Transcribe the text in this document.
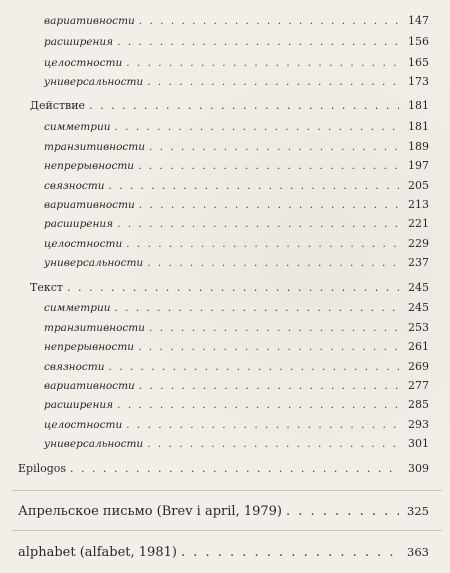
вариативности . . .	147
расширения . . .	156
целостности . . .	165
универсальности . . .	173
Действие . . .	181
симметрии . . .	181
транзитивности . . .	189
непрерывности . . .	197
связности . . .	205
вариативности . . .	213
расширения . . .	221
целостности . . .	229
универсальности . . .	237
Текст . . .	245
симметрии . . .	245
транзитивности . . .	253
непрерывности . . .	261
связности . . .	269
вариативности . . .	277
расширения . . .	285
целостности . . .	293
универсальности . . .	301
Epilogos . . .	309
Апрельское письмо (Brev i april, 1979) . . .	325
alphabet (alfabet, 1981) . . .	363
